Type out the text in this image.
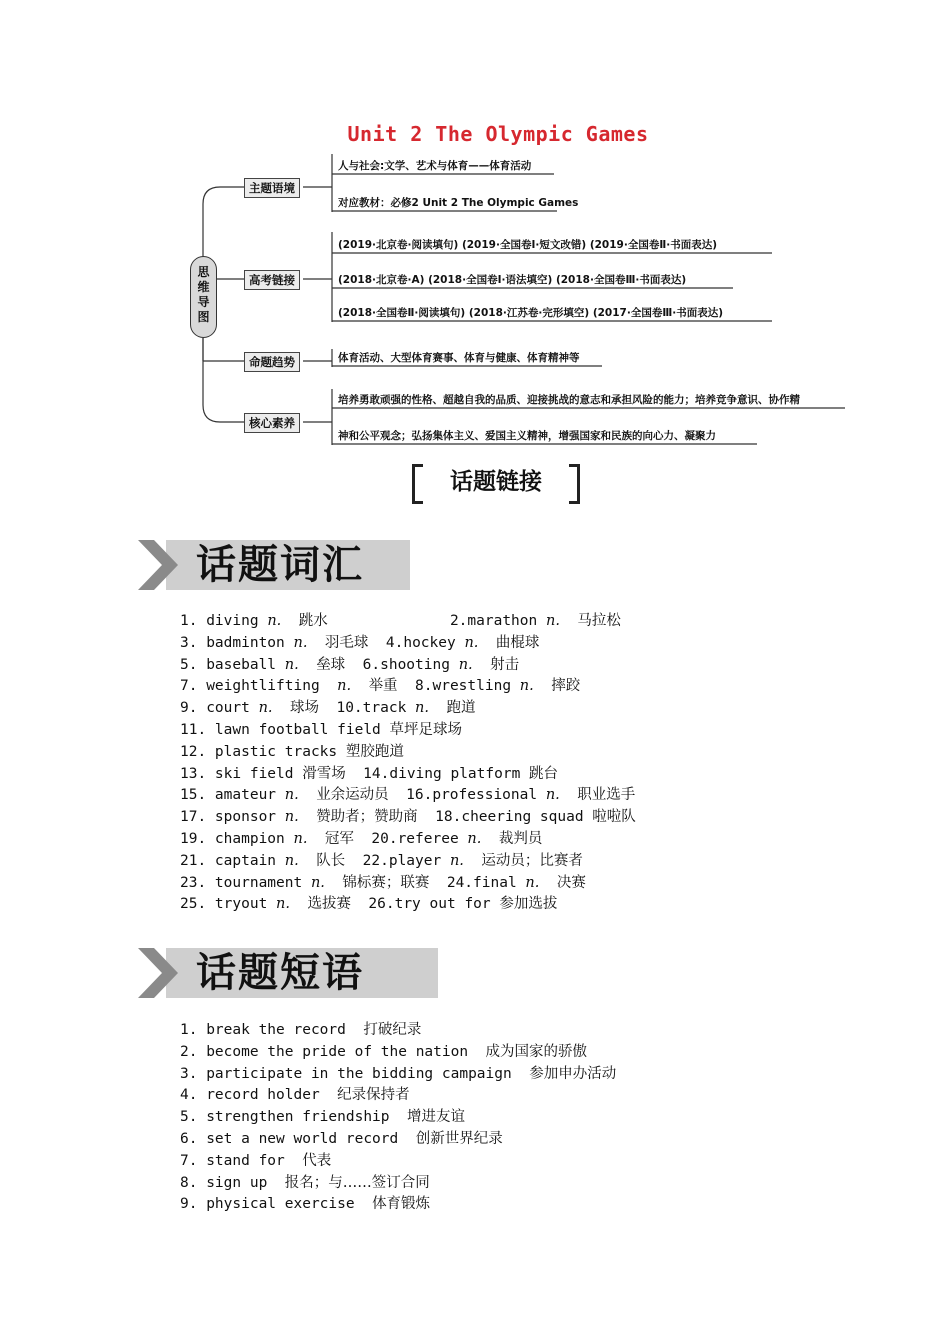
Unit 2 The Olympic Games
思维导图
主题语境
高考链接
命题趋势
核心素养
人与社会:文学、艺术与体育——体育活动
对应教材：必修2 Unit 2 The Olympic Games
(2019·北京卷·阅读填句) (2019·全国卷Ⅰ·短文改错) (2019·全国卷Ⅱ·书面表达)
(2018·北京卷·A) (2018·全国卷Ⅰ·语法填空) (2018·全国卷Ⅲ·书面表达)
(2018·全国卷Ⅱ·阅读填句) (2018·江苏卷·完形填空) (2017·全国卷Ⅲ·书面表达)
体育活动、大型体育赛事、体育与健康、体育精神等
培养勇敢顽强的性格、超越自我的品质、迎接挑战的意志和承担风险的能力；培养竞争意识、协作精
神和公平观念；弘扬集体主义、爱国主义精神，增强国家和民族的向心力、凝聚力
话题链接
话题词汇
1. diving n. 跳水              2.marathon n. 马拉松
3. badminton n. 羽毛球  4.hockey n. 曲棍球
5. baseball n. 垒球  6.shooting n. 射击
7. weightlifting  n. 举重  8.wrestling n. 摔跤
9. court n. 球场  10.track n. 跑道
11. lawn football field 草坪足球场
12. plastic tracks 塑胶跑道
13. ski field 滑雪场  14.diving platform 跳台
15. amateur n. 业余运动员  16.professional n. 职业选手
17. sponsor n. 赞助者；赞助商  18.cheering squad 啦啦队
19. champion n. 冠军  20.referee n. 裁判员
21. captain n. 队长  22.player n. 运动员；比赛者
23. tournament n. 锦标赛；联赛  24.final n. 决赛
25. tryout n. 选拔赛  26.try out for 参加选拔
话题短语
1. break the record  打破纪录
2. become the pride of the nation  成为国家的骄傲
3. participate in the bidding campaign  参加申办活动
4. record holder  纪录保持者
5. strengthen friendship  增进友谊
6. set a new world record  创新世界纪录
7. stand for  代表
8. sign up  报名；与……签订合同
9. physical exercise  体育锻炼
